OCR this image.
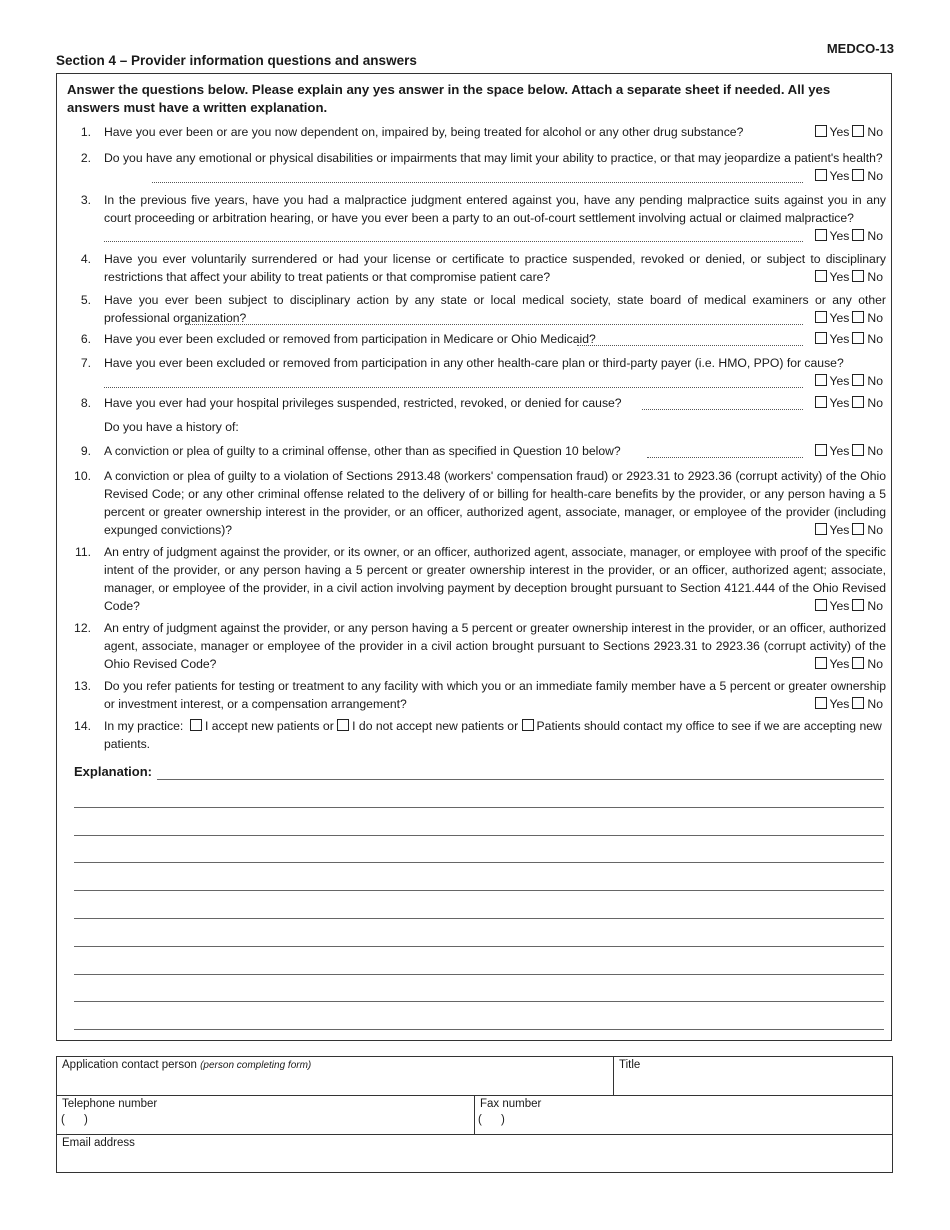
MEDCO-13
Section 4 – Provider information questions and answers
Answer the questions below. Please explain any yes answer in the space below. Attach a separate sheet if needed. All yes answers must have a written explanation.
1. Have you ever been or are you now dependent on, impaired by, being treated for alcohol or any other drug substance?	Yes No
2. Do you have any emotional or physical disabilities or impairments that may limit your ability to practice, or that may jeopardize a patient's health?
Yes No
3. In the previous five years, have you had a malpractice judgment entered against you, have any pending malpractice suits against you in any court proceeding or arbitration hearing, or have you ever been a party to an out-of-court settlement involving actual or claimed malpractice?
Yes No
4. Have you ever voluntarily surrendered or had your license or certificate to practice suspended, revoked or denied, or subject to disciplinary restrictions that affect your ability to treat patients or that compromise patient care?	Yes No
5. Have you ever been subject to disciplinary action by any state or local medical society, state board of medical examiners or any other professional organization?	Yes No
6. Have you ever been excluded or removed from participation in Medicare or Ohio Medicaid?	Yes No
7. Have you ever been excluded or removed from participation in any other health-care plan or third-party payer (i.e. HMO, PPO) for cause?
Yes No
8. Have you ever had your hospital privileges suspended, restricted, revoked, or denied for cause?	Yes No
Do you have a history of:
9. A conviction or plea of guilty to a criminal offense, other than as specified in Question 10 below?	Yes No
10. A conviction or plea of guilty to a violation of Sections 2913.48 (workers' compensation fraud) or 2923.31 to 2923.36 (corrupt activity) of the Ohio Revised Code; or any other criminal offense related to the delivery of or billing for health-care benefits by the provider, or any person having a 5 percent or greater ownership interest in the provider, or an officer, authorized agent, associate, manager, or employee of the provider (including expunged convictions)?	Yes No
11. An entry of judgment against the provider, or its owner, or an officer, authorized agent, associate, manager, or employee with proof of the specific intent of the provider, or any person having a 5 percent or greater ownership interest in the provider, or an officer, authorized agent; associate, manager, or employee of the provider, in a civil action involving payment by deception brought pursuant to Section 4121.444 of the Ohio Revised Code?	Yes No
12. An entry of judgment against the provider, or any person having a 5 percent or greater ownership interest in the provider, or an officer, authorized agent, associate, manager or employee of the provider in a civil action brought pursuant to Sections 2923.31 to 2923.36 (corrupt activity) of the Ohio Revised Code?	Yes No
13. Do you refer patients for testing or treatment to any facility with which you or an immediate family member have a 5 percent or greater ownership or investment interest, or a compensation arrangement?	Yes No
14. In my practice: I accept new patients or I do not accept new patients or Patients should contact my office to see if we are accepting new patients.
Explanation:
Application contact person (person completing form)	Title
Telephone number
(      )
Fax number
(      )
Email address
